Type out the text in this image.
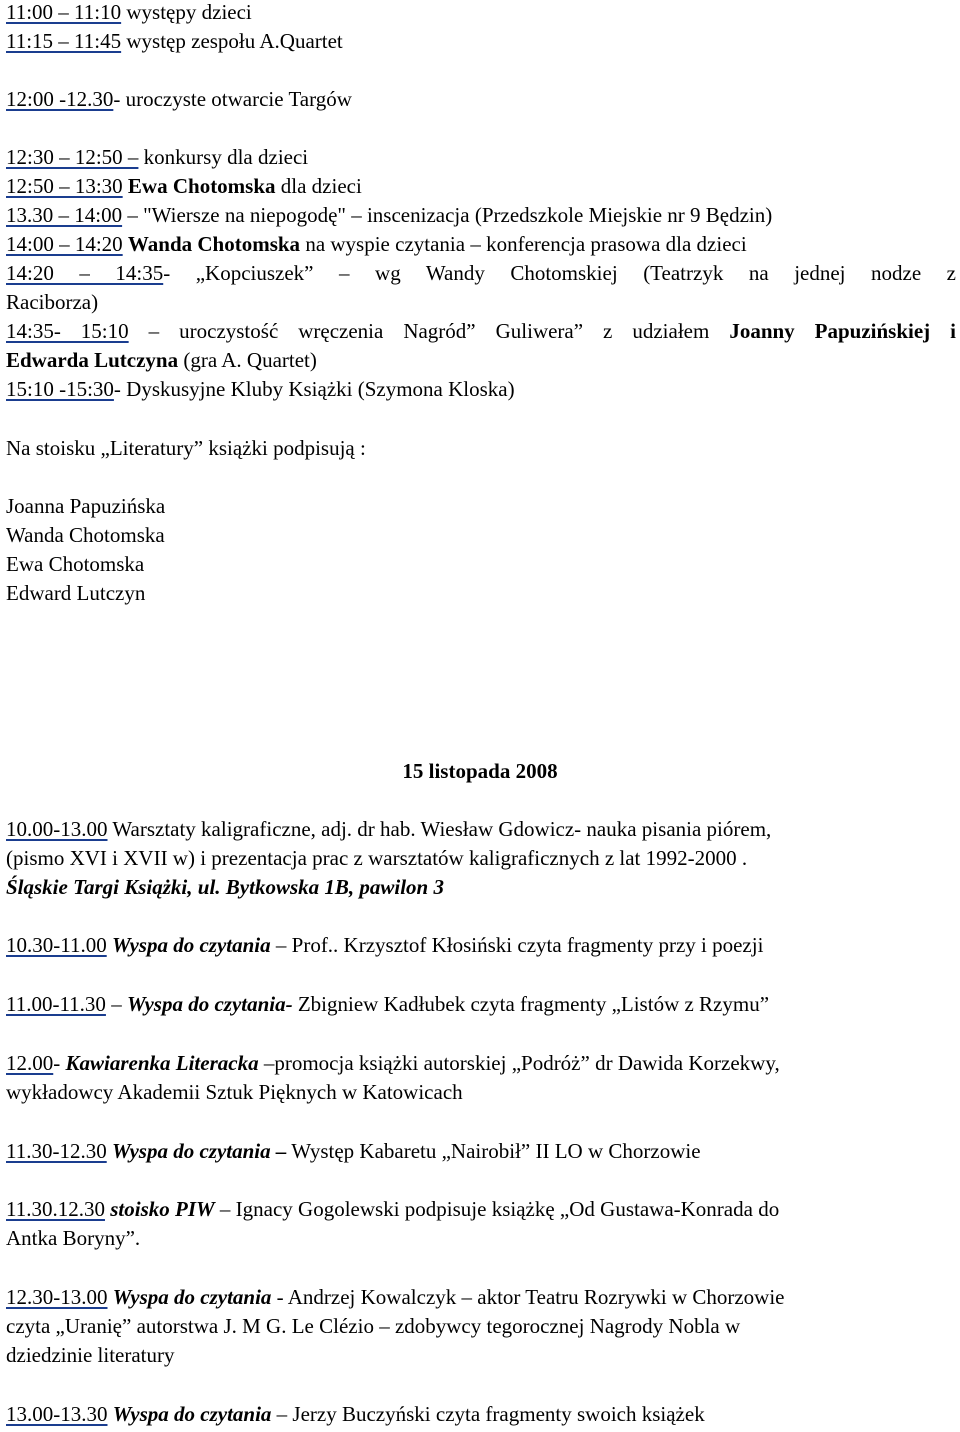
11:00 – 11:10 występy dzieci
11:15 – 11:45 występ zespołu A.Quartet
12:00 -12.30- uroczyste otwarcie Targów
12:30 – 12:50 – konkursy dla dzieci
12:50 – 13:30 Ewa Chotomska dla dzieci
13.30 – 14:00 – "Wiersze na niepogodę" – inscenizacja (Przedszkole Miejskie nr 9 Będzin)
14:00 – 14:20 Wanda Chotomska na wyspie czytania – konferencja prasowa dla dzieci
14:20 – 14:35- „Kopciuszek” – wg Wandy Chotomskiej (Teatrzyk na jednej nodze z
Raciborza)
14:35- 15:10 – uroczystość wręczenia Nagród” Guliwera” z udziałem Joanny Papuzińskiej i
Edwarda Lutczyna (gra A. Quartet)
15:10 -15:30- Dyskusyjne Kluby Książki (Szymona Kloska)
Na stoisku „Literatury” książki podpisują :
Joanna Papuzińska
Wanda Chotomska
Ewa Chotomska
Edward Lutczyn
15 listopada 2008
10.00-13.00 Warsztaty kaligraficzne, adj. dr hab. Wiesław Gdowicz- nauka pisania piórem,
(pismo XVI i XVII w) i prezentacja prac z warsztatów kaligraficznych z lat 1992-2000 .
Śląskie Targi Książki, ul. Bytkowska 1B, pawilon 3
10.30-11.00 Wyspa do czytania – Prof.. Krzysztof Kłosiński czyta fragmenty przy i poezji
11.00-11.30 – Wyspa do czytania- Zbigniew Kadłubek czyta fragmenty „Listów z Rzymu”
12.00- Kawiarenka Literacka –promocja książki autorskiej „Podróż” dr Dawida Korzekwy,
wykładowcy Akademii Sztuk Pięknych w Katowicach
11.30-12.30 Wyspa do czytania – Występ Kabaretu „Nairobił” II LO w Chorzowie
11.30.12.30 stoisko PIW – Ignacy Gogolewski podpisuje książkę „Od Gustawa-Konrada do
Antka Boryny”.
12.30-13.00 Wyspa do czytania - Andrzej Kowalczyk – aktor Teatru Rozrywki w Chorzowie
czyta „Uranię” autorstwa J. M G. Le Clézio – zdobywcy tegorocznej Nagrody Nobla w
dziedzinie literatury
13.00-13.30 Wyspa do czytania – Jerzy Buczyński czyta fragmenty swoich książek
